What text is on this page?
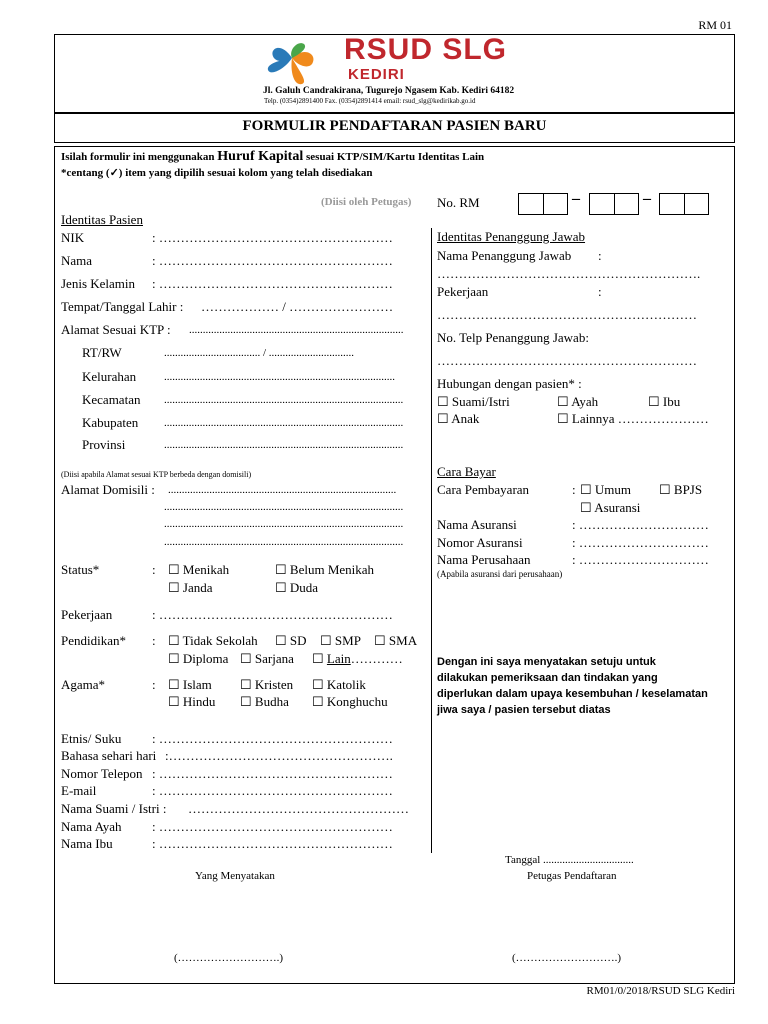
RM 01
RSUD SLG
KEDIRI
Jl. Galuh Candrakirana, Tugurejo Ngasem Kab. Kediri 64182
Telp. (0354)2891400 Fax. (0354)2891414 email: rsud_slg@kedirikab.go.id
FORMULIR PENDAFTARAN PASIEN BARU
Isilah formulir ini menggunakan Huruf Kapital sesuai KTP/SIM/Kartu Identitas Lain
*centang (✓) item yang dipilih sesuai kolom yang telah disediakan
(Diisi oleh Petugas) No. RM	–	–
Identitas Pasien
NIK	: ………………………………………………
Nama	: ………………………………………………
Jenis Kelamin : ………………………………………………
Tempat/Tanggal Lahir : ……………… / ……………………
Alamat Sesuai KTP : ..............................................................................
RT/RW	................................... / ...............................
Kelurahan	....................................................................................
Kecamatan .......................................................................................
Kabupaten .......................................................................................
Provinsi	.......................................................................................
(Diisi apabila Alamat sesuai KTP berbeda dengan domisili)
Alamat Domisili : ...................................................................................
.......................................................................................
.......................................................................................
.......................................................................................
Status*	: ☐ Menikah	☐ Belum Menikah
☐ Janda	☐ Duda
Pekerjaan	: ………………………………………………
Pendidikan* : ☐ Tidak Sekolah ☐ SD ☐ SMP ☐ SMA
☐ Diploma ☐ Sarjana ☐ Lain…………
Agama*	: ☐ Islam ☐ Kristen ☐ Katolik
☐ Hindu ☐ Budha ☐ Konghuchu
Etnis/ Suku : ………………………………………………
Bahasa sehari hari :…………………………………………….
Nomor Telepon : ………………………………………………
E-mail	: ………………………………………………
Nama Suami / Istri : ……………………………………………
Nama Ayah : ………………………………………………
Nama Ibu	: ………………………………………………
Identitas Penanggung Jawab
Nama Penanggung Jawab :
…………………………………………………….
Pekerjaan	:
……………………………………………………
No. Telp Penanggung Jawab:
……………………………………………………
Hubungan dengan pasien* :
☐ Suami/Istri	☐ Ayah	☐ Ibu
☐ Anak	☐ Lainnya …………………
Cara Bayar
Cara Pembayaran	: ☐ Umum ☐ BPJS
☐ Asuransi
Nama Asuransi	: …………………………
Nomor Asuransi	: …………………………
Nama Perusahaan	: …………………………
(Apabila asuransi dari perusahaan)
Dengan ini saya menyatakan setuju untuk dilakukan pemeriksaan dan tindakan yang diperlukan dalam upaya kesembuhan / keselamatan jiwa saya / pasien tersebut diatas
Tanggal .................................
Yang Menyatakan	Petugas Pendaftaran
(……………………….)	(……………………….)
RM01/0/2018/RSUD SLG Kediri
